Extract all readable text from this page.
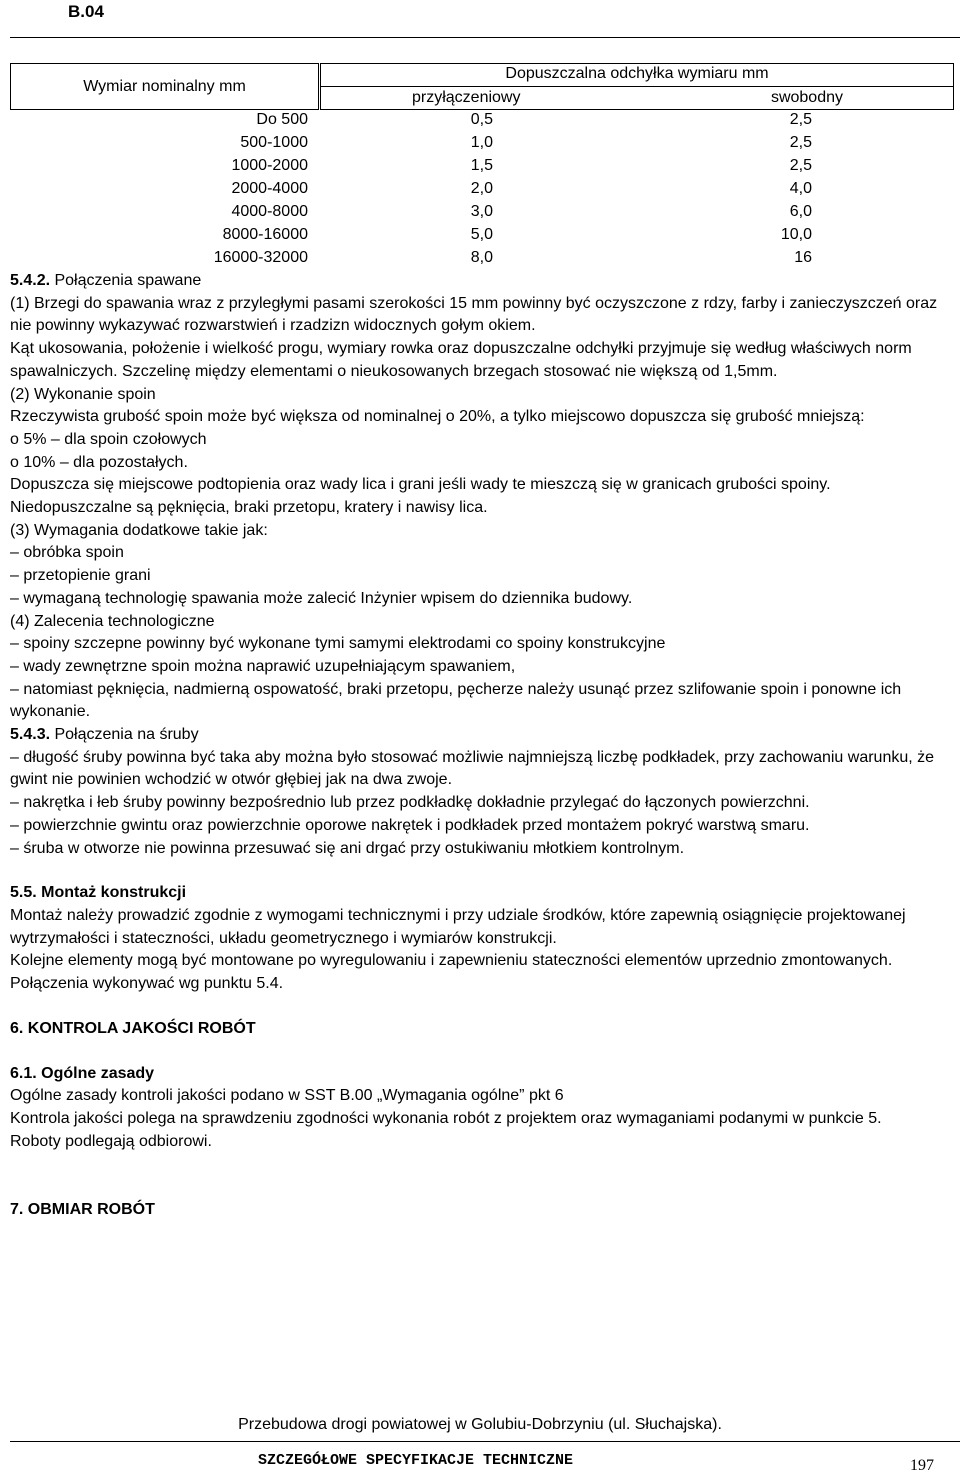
B.04
Wymiar nominalny mm
Dopuszczalna odchyłka wymiaru mm
przyłączeniowy	swobodny
Do 500	0,5	2,5
500-1000	1,0	2,5
1000-2000	1,5	2,5
2000-4000	2,0	4,0
4000-8000	3,0	6,0
8000-16000	5,0	10,0
16000-32000	8,0	16
5.4.2. Połączenia spawane
(1) Brzegi do spawania wraz z przyległymi pasami szerokości 15 mm powinny być oczyszczone z rdzy, farby i zanieczyszczeń oraz nie powinny wykazywać rozwarstwień i rzadzizn widocznych gołym okiem.
Kąt ukosowania, położenie i wielkość progu, wymiary rowka oraz dopuszczalne odchyłki przyjmuje się według właściwych norm spawalniczych. Szczelinę między elementami o nieukosowanych brzegach stosować nie większą od 1,5mm.
(2) Wykonanie spoin
Rzeczywista grubość spoin może być większa od nominalnej o 20%, a tylko miejscowo dopuszcza się grubość mniejszą:
o 5% – dla spoin czołowych
o 10% – dla pozostałych.
Dopuszcza się miejscowe podtopienia oraz wady lica i grani jeśli wady te mieszczą się w granicach grubości spoiny.
Niedopuszczalne są pęknięcia, braki przetopu, kratery i nawisy lica.
(3) Wymagania dodatkowe takie jak:
– obróbka spoin
– przetopienie grani
– wymaganą technologię spawania może zalecić Inżynier wpisem do dziennika budowy.
(4) Zalecenia technologiczne
– spoiny szczepne powinny być wykonane tymi samymi elektrodami co spoiny konstrukcyjne
– wady zewnętrzne spoin można naprawić uzupełniającym spawaniem,
– natomiast pęknięcia, nadmierną ospowatość, braki przetopu, pęcherze należy usunąć przez szlifowanie spoin i ponowne ich wykonanie.
5.4.3. Połączenia na śruby
– długość śruby powinna być taka aby można było stosować możliwie najmniejszą liczbę podkładek, przy zachowaniu warunku, że gwint nie powinien wchodzić w otwór głębiej jak na dwa zwoje.
– nakrętka i łeb śruby powinny bezpośrednio lub przez podkładkę dokładnie przylegać do łączonych powierzchni.
– powierzchnie gwintu oraz powierzchnie oporowe nakrętek i podkładek przed montażem pokryć warstwą smaru.
– śruba w otworze nie powinna przesuwać się ani drgać przy ostukiwaniu młotkiem kontrolnym.
5.5. Montaż konstrukcji
Montaż należy prowadzić zgodnie z wymogami technicznymi i przy udziale środków, które zapewnią osiągnięcie projektowanej wytrzymałości i stateczności, układu geometrycznego i wymiarów konstrukcji.
Kolejne elementy mogą być montowane po wyregulowaniu i zapewnieniu stateczności elementów uprzednio zmontowanych.
Połączenia wykonywać wg punktu 5.4.
6. KONTROLA JAKOŚCI ROBÓT
6.1. Ogólne zasady
Ogólne zasady kontroli jakości podano w SST B.00 „Wymagania ogólne” pkt 6
Kontrola jakości polega na sprawdzeniu zgodności wykonania robót z projektem oraz wymaganiami podanymi w punkcie 5.
Roboty podlegają odbiorowi.
7. OBMIAR ROBÓT
Przebudowa drogi powiatowej w Golubiu-Dobrzyniu (ul. Słuchajska).
SZCZEGÓŁOWE SPECYFIKACJE TECHNICZNE	197
